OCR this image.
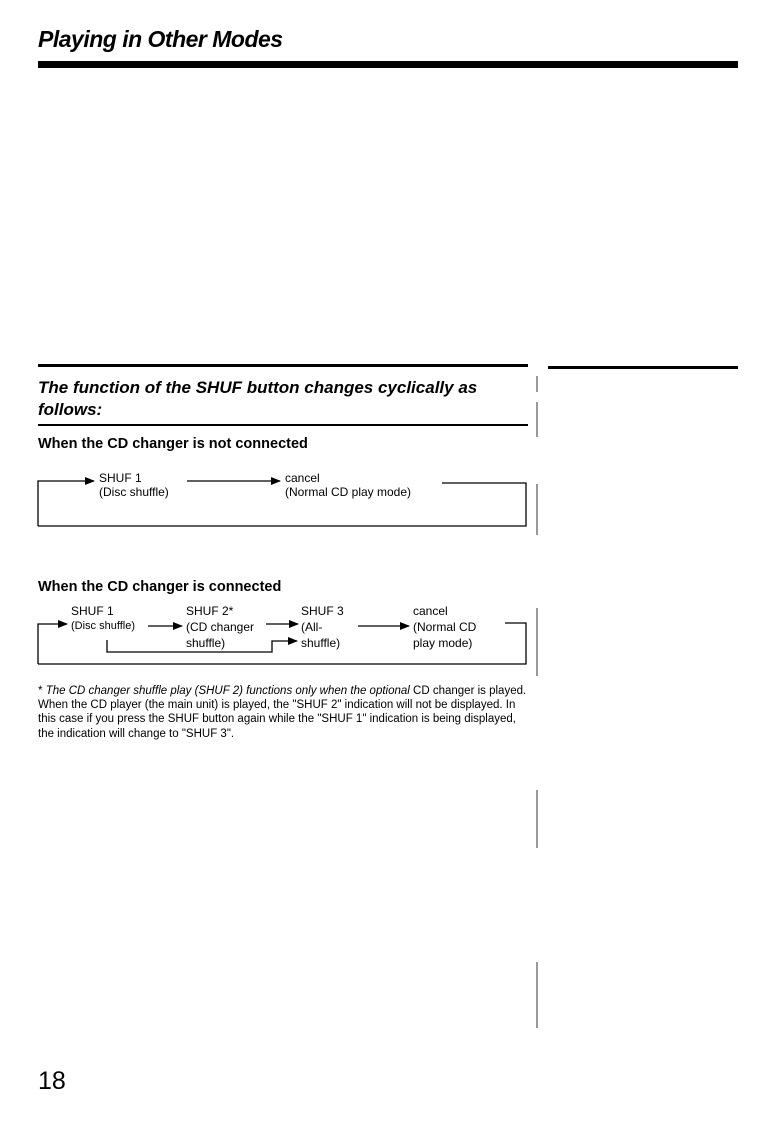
Playing in Other Modes
The function of the SHUF button changes cyclically as follows:
When the CD changer is not connected
SHUF 1
(Disc shuffle)
cancel
(Normal CD play mode)
When the CD changer is connected
SHUF 1
(Disc shuffle)
SHUF 2*
(CD changer
shuffle)
SHUF 3
(All-
shuffle)
cancel
(Normal CD
play mode)

* The CD changer shuffle play (SHUF 2) functions only when the optional CD changer is played. When the CD player (the main unit) is played, the "SHUF 2" indication will not be displayed. In this case if you press the SHUF button again while the "SHUF 1" indication is being displayed, the indication will change to "SHUF 3".

18
